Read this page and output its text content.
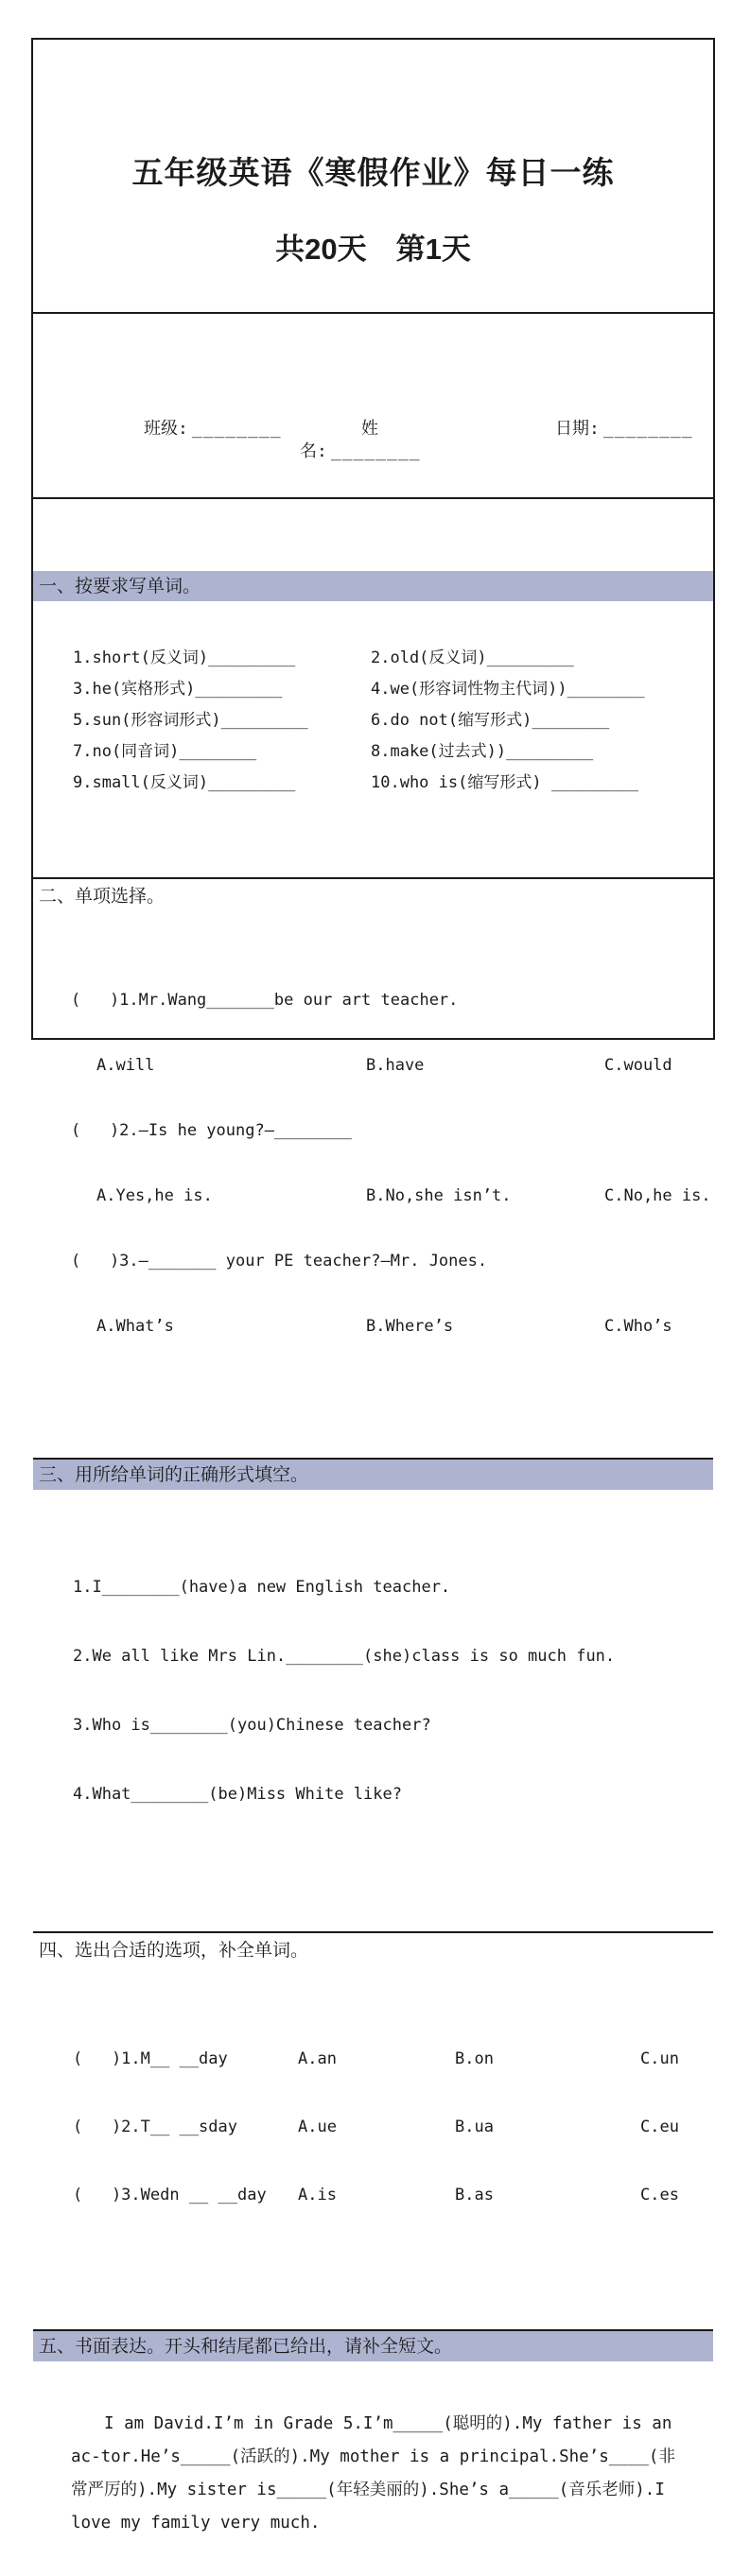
五年级英语《寒假作业》每日一练

共20天　第1天

班级: ________
	姓名: ________

日期: ________

一、按要求写单词。

1.short(反义词)_________	2.old(反义词)_________
3.he(宾格形式)_________	4.we(形容词性物主代词))________
5.sun(形容词形式)_________	6.do not(缩写形式)________
7.no(同音词)________	8.make(过去式))_________
9.small(反义词)_________	10.who is(缩写形式) _________

二、单项选择。

(   )1.Mr.Wang_______be our art teacher.

A.will	B.have	C.would

(   )2.—Is he young?—________

A.Yes,he is.	B.No,she isn’t.	C.No,he is.

(   )3.—_______ your PE teacher?—Mr. Jones.

A.What’s	B.Where’s	C.Who’s

三、用所给单词的正确形式填空。

1.I________(have)a new English teacher.

2.We all like Mrs Lin.________(she)class is so much fun.

3.Who is________(you)Chinese teacher?

4.What________(be)Miss White like?

四、选出合适的选项，补全单词。

(   )1.M__ __day	A.an	B.on	C.un

(   )2.T__ __sday	A.ue	B.ua	C.eu

(   )3.Wedn __ __day	A.is	B.as	C.es

五、书面表达。开头和结尾都已给出，请补全短文。

I am David.I’m in Grade 5.I’m_____(聪明的).My father is an ac-tor.He’s_____(活跃的).My mother is a principal.She’s____(非常严厉的).My sister is_____(年轻美丽的).She’s a_____(音乐老师).I love my family very much.
